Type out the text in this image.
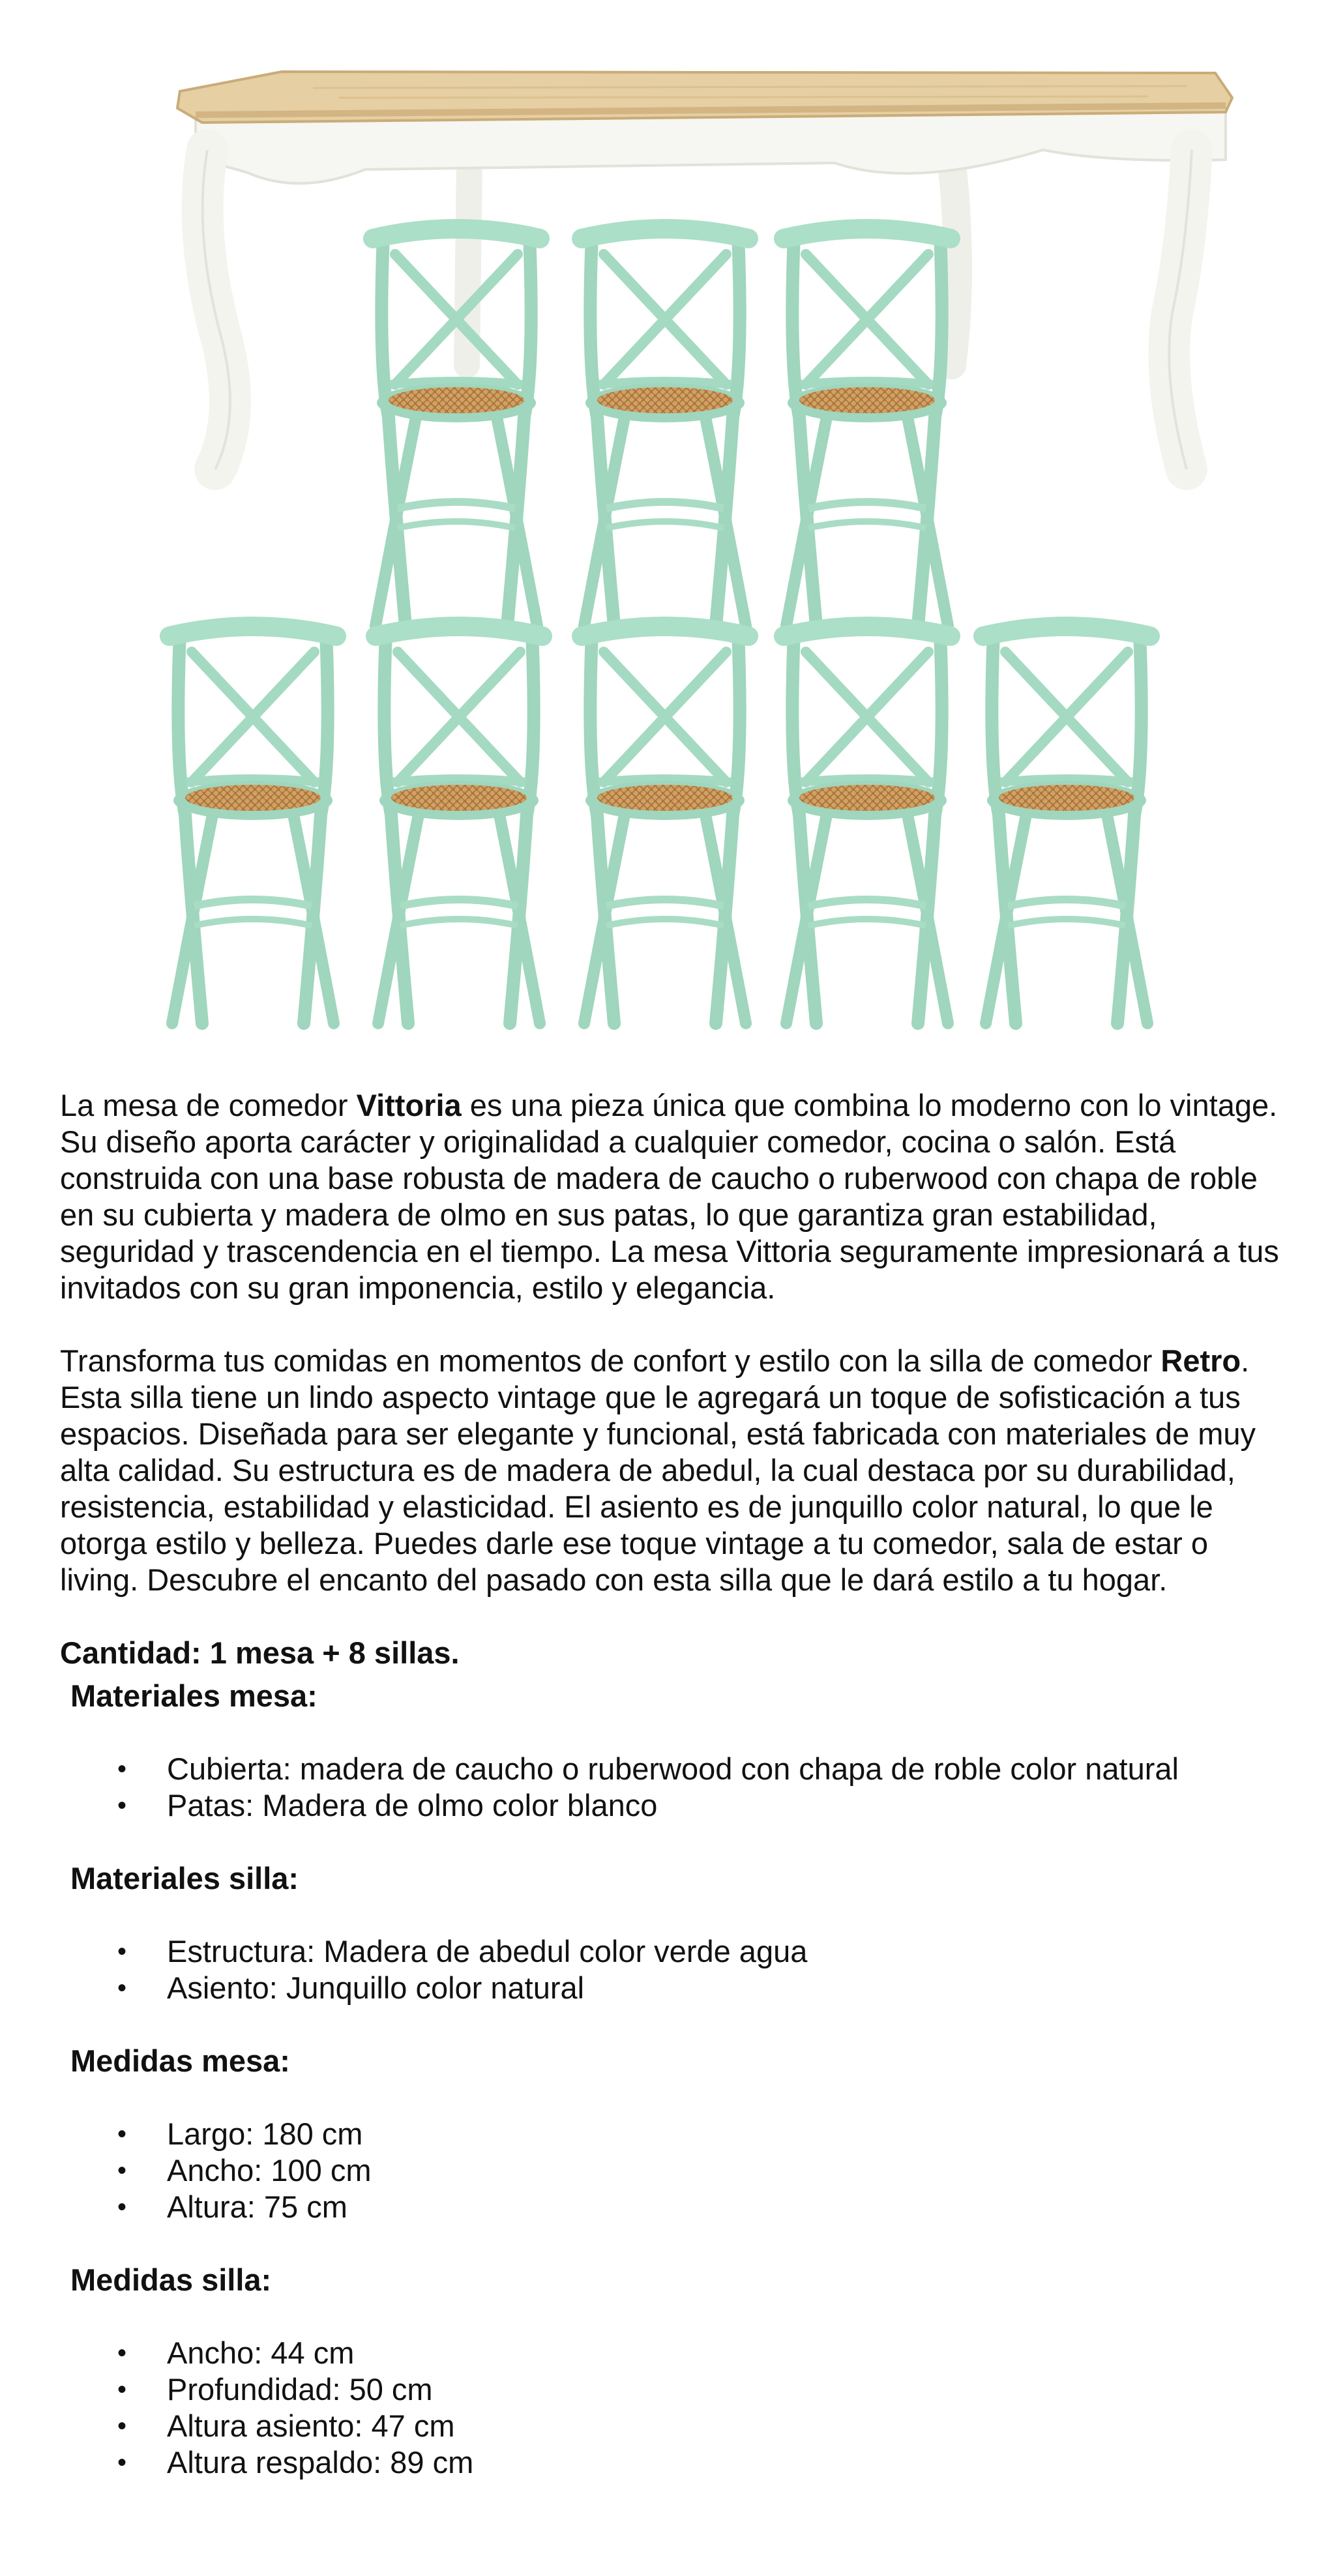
La mesa de comedor Vittoria es una pieza única que combina lo moderno con lo vintage. Su diseño aporta carácter y originalidad a cualquier comedor, cocina o salón. Está construida con una base robusta de madera de caucho o ruberwood con chapa de roble en su cubierta y madera de olmo en sus patas, lo que garantiza gran estabilidad, seguridad y trascendencia en el tiempo. La mesa Vittoria seguramente impresionará a tus invitados con su gran imponencia, estilo y elegancia.

Transforma tus comidas en momentos de confort y estilo con la silla de comedor Retro. Esta silla tiene un lindo aspecto vintage que le agregará un toque de sofisticación a tus espacios. Diseñada para ser elegante y funcional, está fabricada con materiales de muy alta calidad. Su estructura es de madera de abedul, la cual destaca por su durabilidad, resistencia, estabilidad y elasticidad. El asiento es de junquillo color natural, lo que le otorga estilo y belleza. Puedes darle ese toque vintage a tu comedor, sala de estar o living. Descubre el encanto del pasado con esta silla que le dará estilo a tu hogar.

Cantidad: 1 mesa + 8 sillas.

Materiales mesa:
• Cubierta: madera de caucho o ruberwood con chapa de roble color natural
• Patas: Madera de olmo color blanco
Materiales silla:
• Estructura: Madera de abedul color verde agua
• Asiento: Junquillo color natural
Medidas mesa:
• Largo: 180 cm
• Ancho: 100 cm
• Altura: 75 cm
Medidas silla:
• Ancho: 44 cm
• Profundidad: 50 cm
• Altura asiento: 47 cm
• Altura respaldo: 89 cm
